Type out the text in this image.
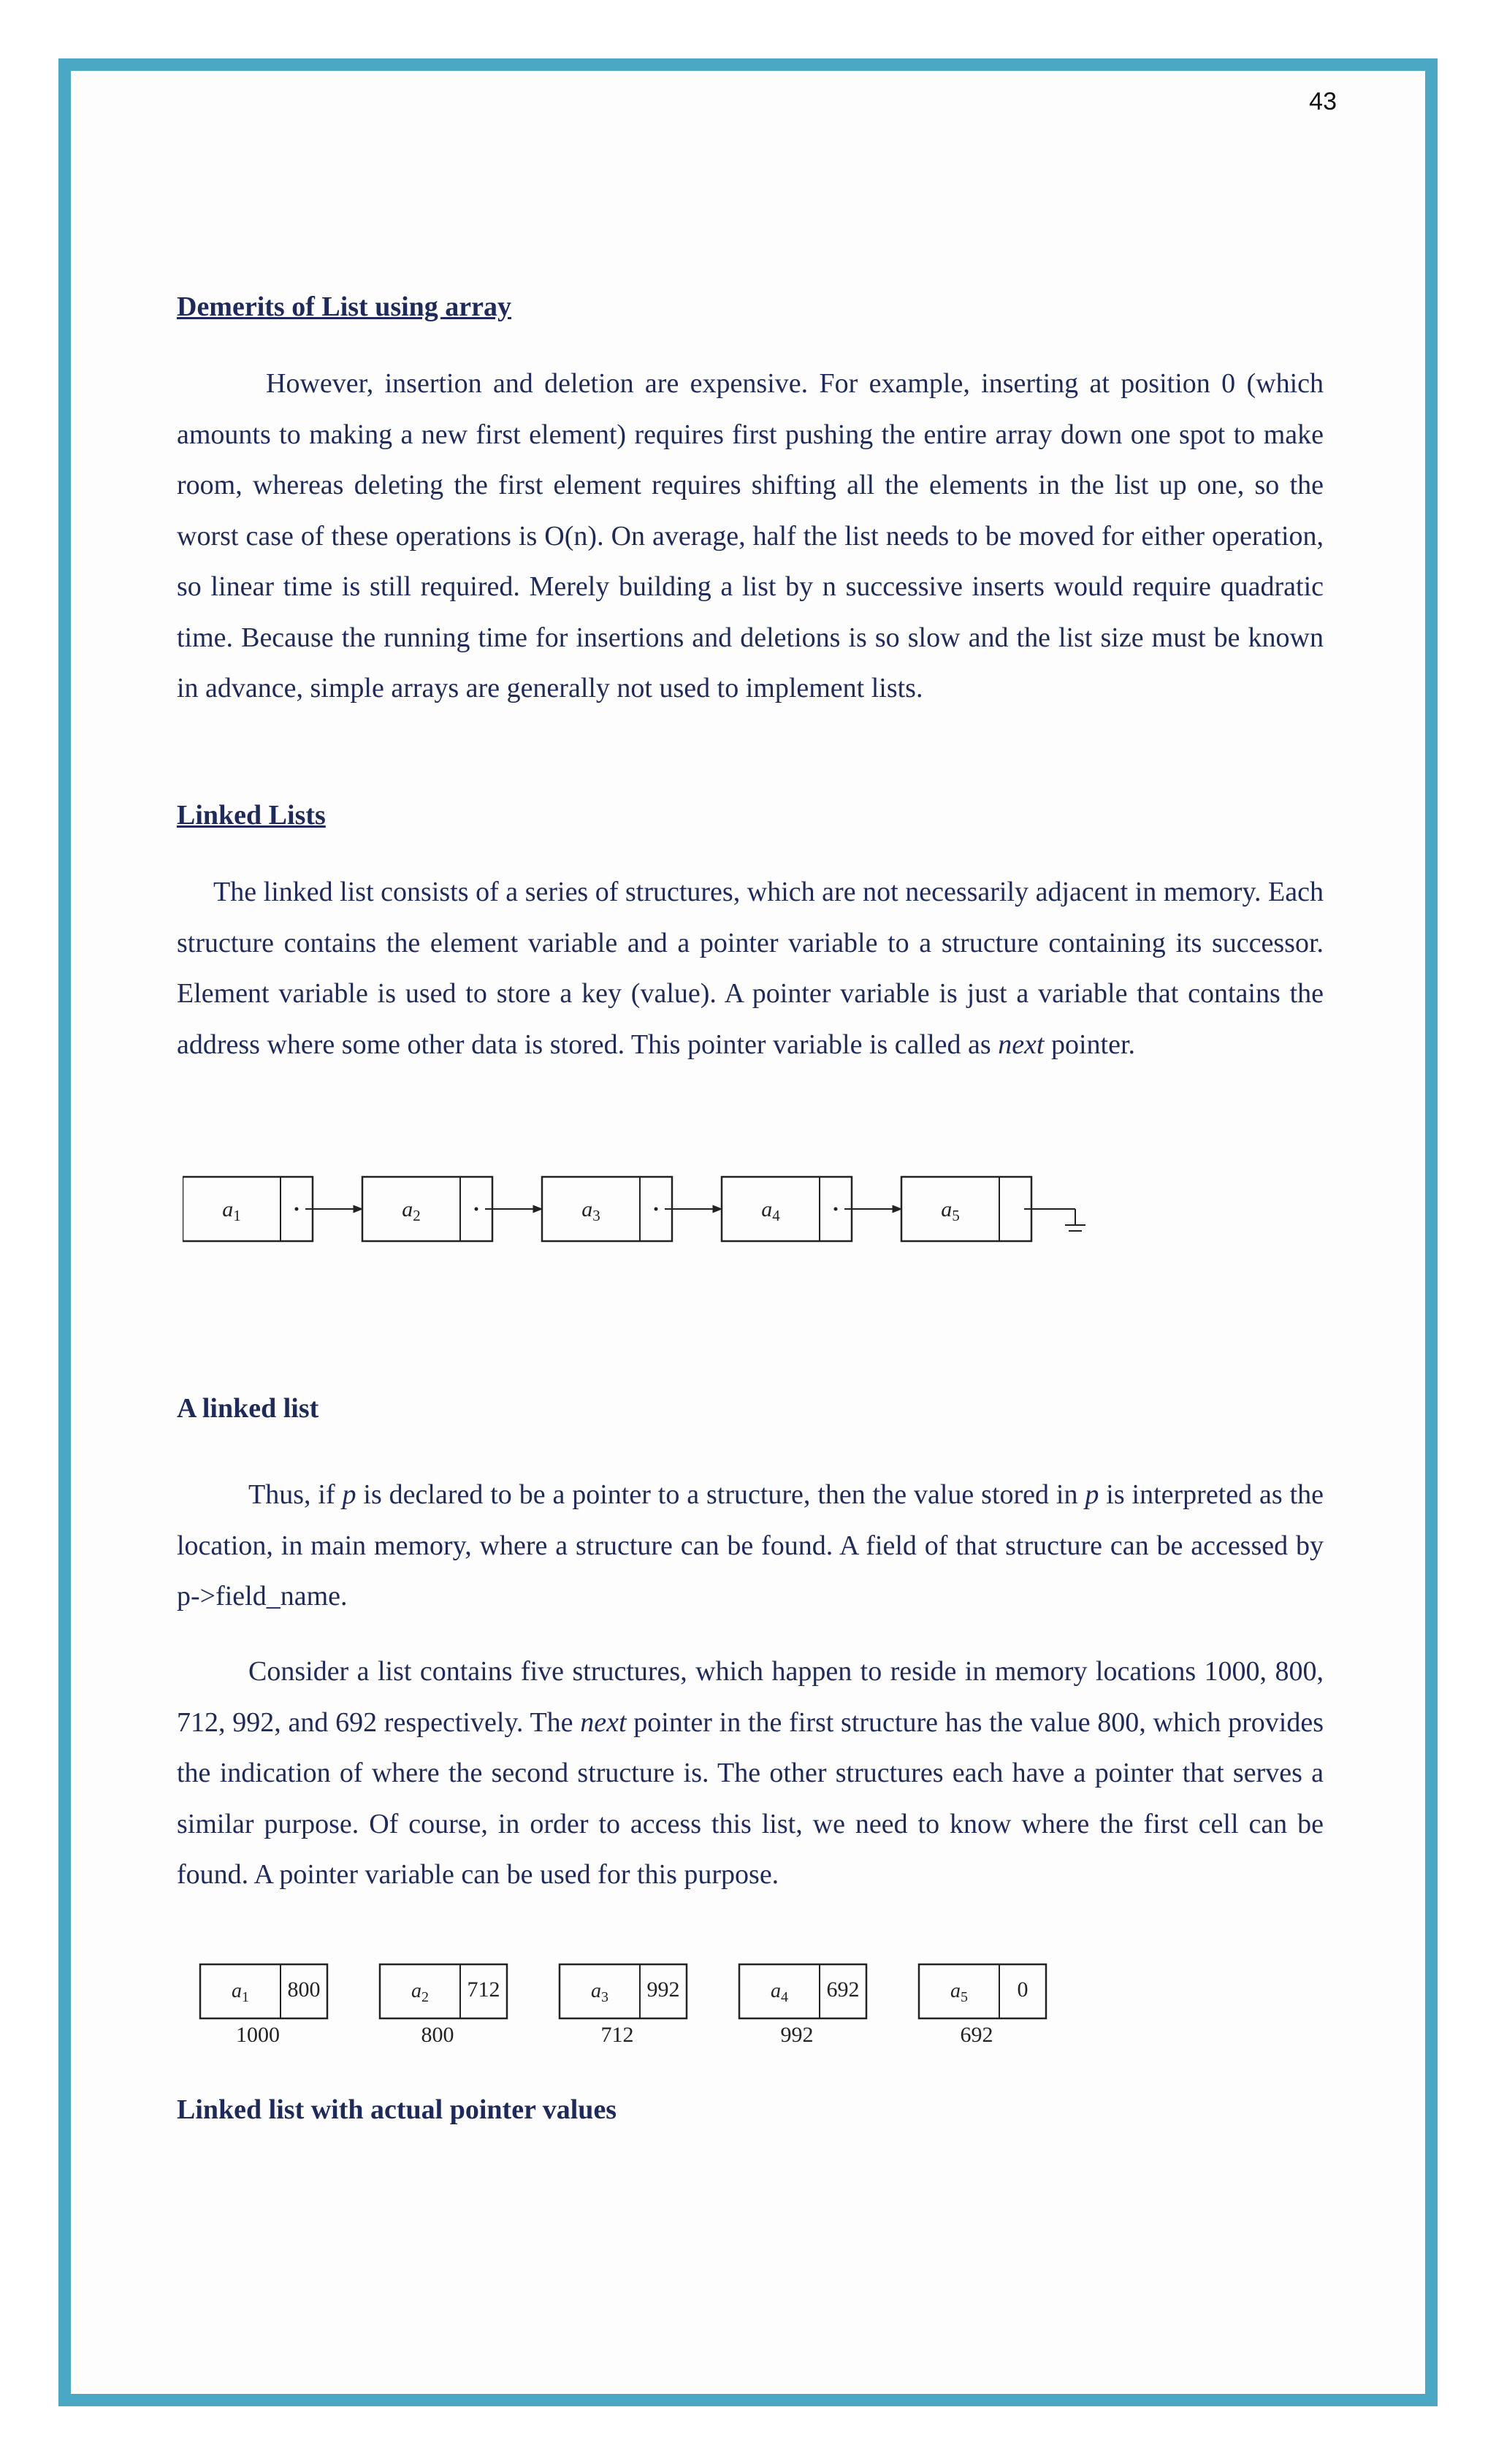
43
Demerits of List using array

However, insertion and deletion are expensive. For example, inserting at position 0 (which amounts to making a new first element) requires first pushing the entire array down one spot to make room, whereas deleting the first element requires shifting all the elements in the list up one, so the worst case of these operations is O(n). On average, half the list needs to be moved for either operation, so linear time is still required. Merely building a list by n successive inserts would require quadratic time. Because the running time for insertions and deletions is so slow and the list size must be known in advance, simple arrays are generally not used to implement lists.

Linked Lists

The linked list consists of a series of structures, which are not necessarily adjacent in memory. Each structure contains the element variable and a pointer variable to a structure containing its successor. Element variable is used to store a key (value). A pointer variable is just a variable that contains the address where some other data is stored. This pointer variable is called as next pointer.

$a_1$	$a_2$	$a_3$	$a_4$	$a_5$
A linked list

Thus, if p is declared to be a pointer to a structure, then the value stored in p is interpreted as the location, in main memory, where a structure can be found. A field of that structure can be accessed by p->field_name.

Consider a list contains five structures, which happen to reside in memory locations 1000, 800, 712, 992, and 692 respectively. The next pointer in the first structure has the value 800, which provides the indication of where the second structure is. The other structures each have a pointer that serves a similar purpose. Of course, in order to access this list, we need to know where the first cell can be found. A pointer variable can be used for this purpose.

$a_1$ 800
1000
$a_2$ 712
800
$a_3$ 992
712
$a_4$ 692
992
$a_5$ 0
692
Linked list with actual pointer values
